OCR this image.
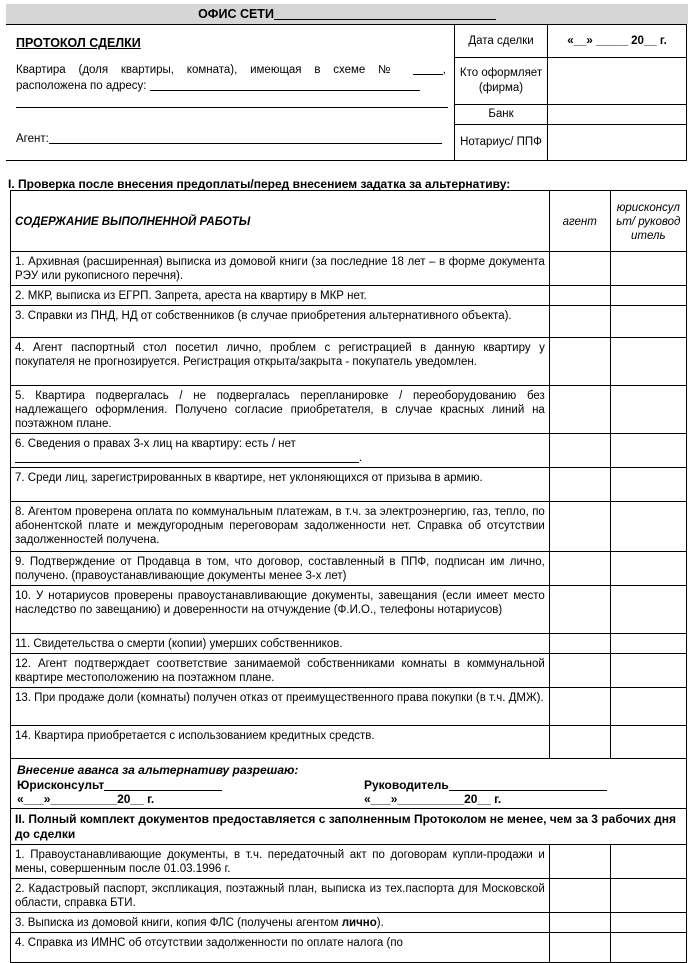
ОФИС СЕТИ
ПРОТОКОЛ СДЕЛКИ
Квартира (доля квартиры, комната), имеющая в схеме № ,
расположена по адресу:
Агент:	Дата сделки	«__» _____ 20__ г.
	Кто оформляет (фирма)	
	Банк	
	Нотариус/ ППФ	
I. Проверка после внесения предоплаты/перед внесением задатка за альтернативу:
СОДЕРЖАНИЕ ВЫПОЛНЕННОЙ РАБОТЫ	агент	юрисконсульт/ руководитель
1. Архивная (расширенная) выписка из домовой книги (за последние 18 лет – в форме документа РЭУ или рукописного перечня).		
2. МКР, выписка из ЕГРП. Запрета, ареста на квартиру в МКР нет.		
3. Справки из ПНД, НД от собственников (в случае приобретения альтернативного объекта).		
4. Агент паспортный стол посетил лично, проблем с регистрацией в данную квартиру у покупателя не прогнозируется. Регистрация открыта/закрыта - покупатель уведомлен.		
5. Квартира подвергалась / не подвергалась перепланировке / переоборудованию без надлежащего оформления. Получено согласие приобретателя, в случае красных линий на поэтажном плане.		
6. Сведения о правах 3-х лиц на квартиру: есть / нет
.		
7. Среди лиц, зарегистрированных в квартире, нет уклоняющихся от призыва в армию.		
8. Агентом проверена оплата по коммунальным платежам, в т.ч. за электроэнергию, газ, тепло, по абонентской плате и междугородным переговорам задолженности нет. Справка об отсутствии задолженностей получена.		
9. Подтверждение от Продавца в том, что договор, составленный в ППФ, подписан им лично, получено. (правоустанавливающие документы менее 3-х лет)		
10. У нотариусов проверены правоустанавливающие документы, завещания (если имеет место наследство по завещанию) и доверенности на отчуждение (Ф.И.О., телефоны нотариусов)		
11. Свидетельства о смерти (копии) умерших собственников.		
12. Агент подтверждает соответствие занимаемой собственниками комнаты в коммунальной квартире местоположению на поэтажном плане.		
13. При продаже доли (комнаты) получен отказ от преимущественного права покупки (в т.ч. ДМЖ).		
14. Квартира приобретается с использованием кредитных средств.		

Внесение аванса за альтернативу разрешаю:
Юрисконсульт
«___»__________20__ г.
Руководитель
«___»__________20__ г.		

II. Полный комплект документов предоставляется с заполненным Протоколом не менее, чем за 3 рабочих дня до сделки		
1. Правоустанавливающие документы, в т.ч. передаточный акт по договорам купли-продажи и мены, совершенным после 01.03.1996 г.		
2. Кадастровый паспорт, экспликация, поэтажный план, выписка из тех.паспорта для Московской области, справка БТИ.		
3. Выписка из домовой книги, копия ФЛС (получены агентом лично).		
4. Справка из ИМНС об отсутствии задолженности по оплате налога (по		
